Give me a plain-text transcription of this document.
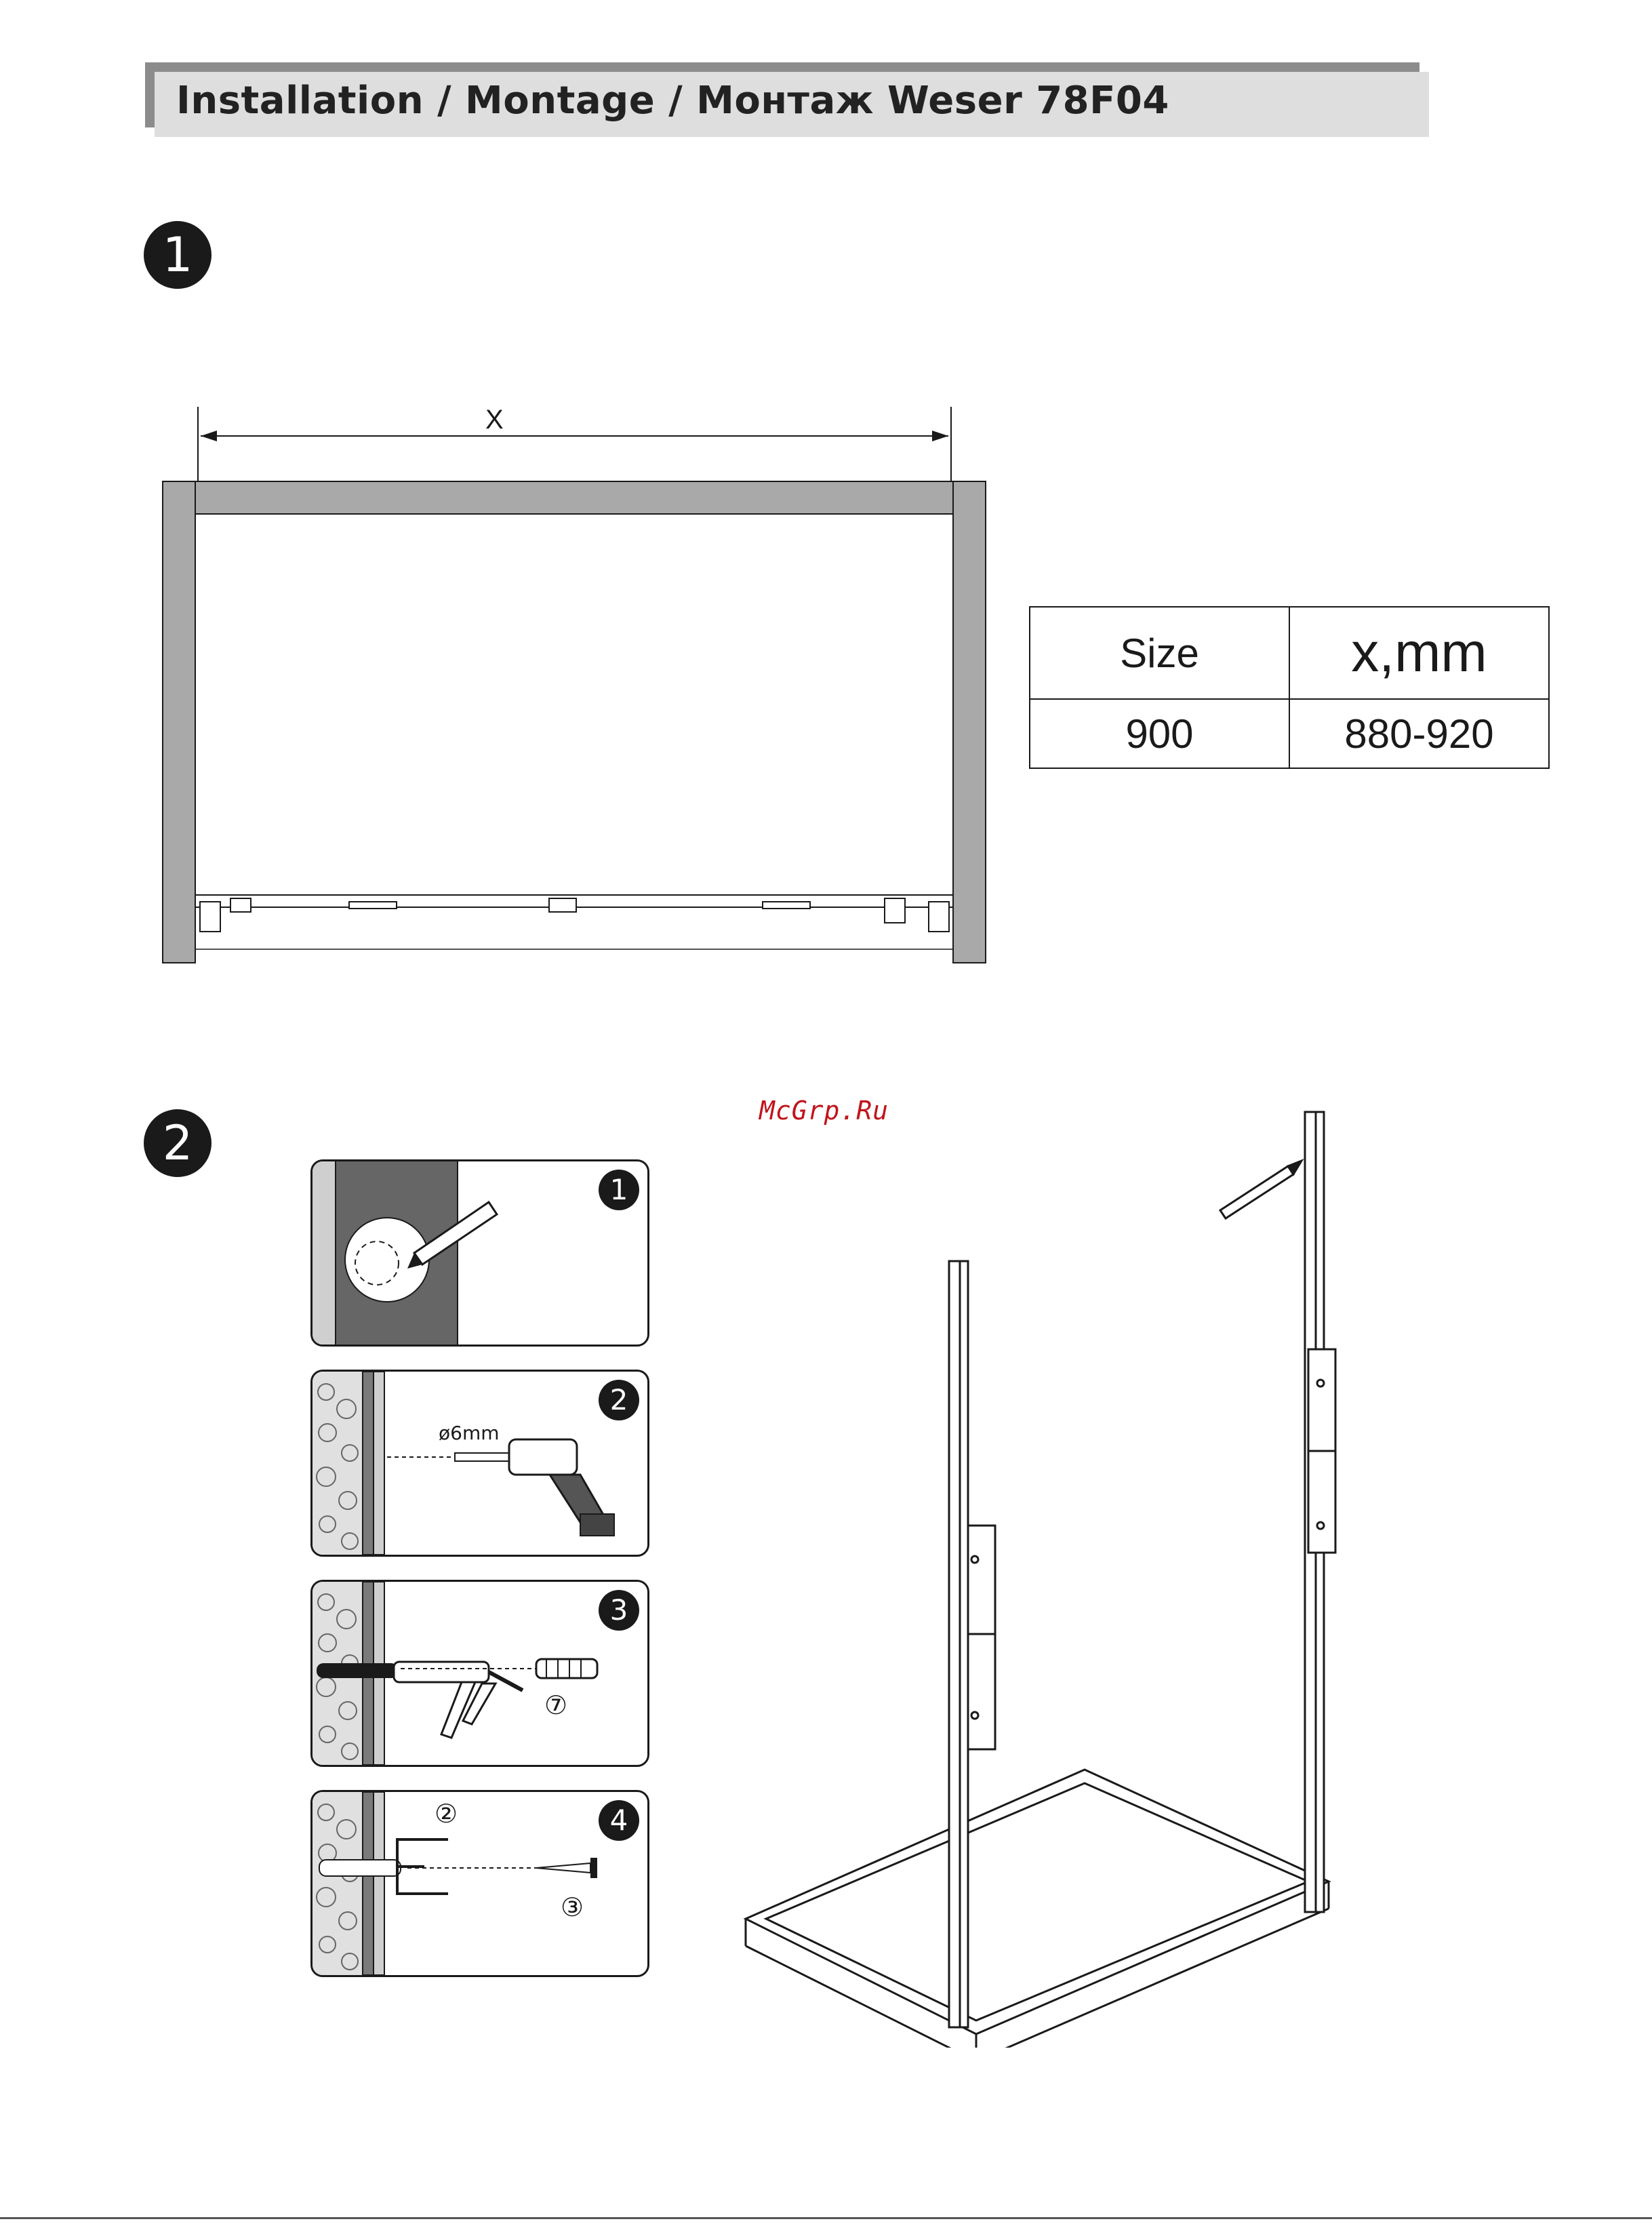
Installation / Montage / Монтаж Weser 78F04
1
X
Size	x,mm
900	880-920
2
McGrp.Ru
1
ø6mm
2
⑦
3
②
③
4
